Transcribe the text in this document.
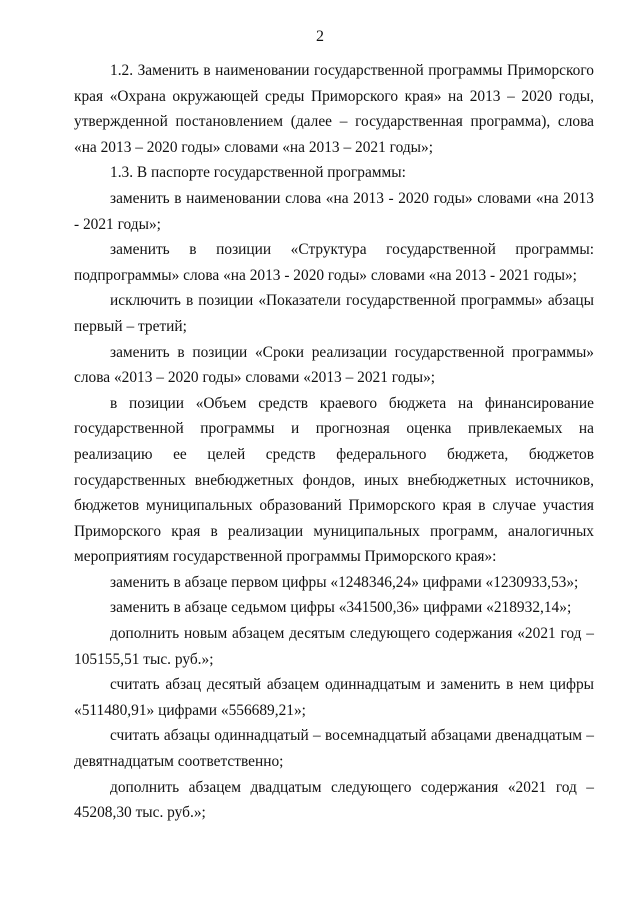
2

1.2. Заменить в наименовании государственной программы Приморского края «Охрана окружающей среды Приморского края» на 2013 – 2020 годы, утвержденной постановлением (далее – государственная программа), слова «на 2013 – 2020 годы» словами «на 2013 – 2021 годы»;

1.3. В паспорте государственной программы:

заменить в наименовании слова «на 2013 - 2020 годы» словами «на 2013 - 2021 годы»;

заменить в позиции «Структура государственной программы: подпрограммы» слова «на 2013 - 2020 годы» словами «на 2013 - 2021 годы»;

исключить в позиции «Показатели государственной программы» абзацы первый – третий;

заменить в позиции «Сроки реализации государственной программы» слова «2013 – 2020 годы» словами «2013 – 2021 годы»;

в позиции «Объем средств краевого бюджета на финансирование государственной программы и прогнозная оценка привлекаемых на реализацию ее целей средств федерального бюджета, бюджетов государственных внебюджетных фондов, иных внебюджетных источников, бюджетов муниципальных образований Приморского края в случае участия Приморского края в реализации муниципальных программ, аналогичных мероприятиям государственной программы Приморского края»:

заменить в абзаце первом цифры «1248346,24» цифрами «1230933,53»;

заменить в абзаце седьмом цифры «341500,36» цифрами «218932,14»;

дополнить новым абзацем десятым следующего содержания «2021 год – 105155,51 тыс. руб.»;

считать абзац десятый абзацем одиннадцатым и заменить в нем цифры «511480,91» цифрами «556689,21»;

считать абзацы одиннадцатый – восемнадцатый абзацами двенадцатым – девятнадцатым соответственно;

дополнить абзацем двадцатым следующего содержания «2021 год – 45208,30 тыс. руб.»;
